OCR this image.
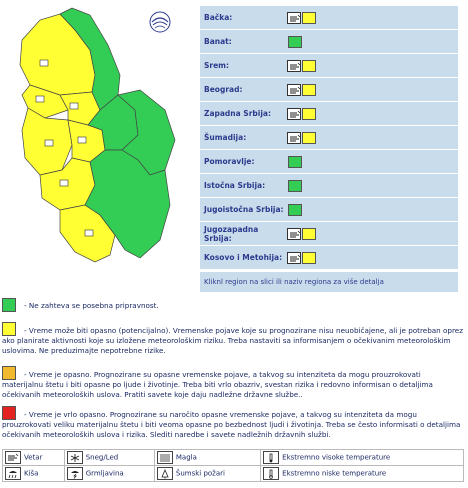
Bačka:	

Banat:	
Srem:	

Beograd:	

Zapadna Srbija:	

Šumadija:	

Pomoravlje:	
Istočna Srbija:	
Jugoistočna Srbija:	
Jugozapadna Srbija:	

Kosovo i Metohija:	
Kliknl region na slici ili naziv regiona za više detalja
- Ne zahteva se posebna pripravnost.
- Vreme može biti opasno (potencijalno). Vremenske pojave koje su prognozirane nisu neuobičajene, ali je potreban oprez ako planirate aktivnosti koje su izložene meteorološkim riziku. Treba nastaviti sa informisanjem o očekivanim meteorološkim uslovima. Ne preduzimajte nepotrebne rizike.
- Vreme je opasno. Prognozirane su opasne vremenske pojave, a takvog su intenziteta da mogu prouzrokovati materijalnu štetu i biti opasne po ljude i životinje. Treba biti vrlo obazriv, svestan rizika i redovno informisan o detaljima očekivanih meteoroloških uslova. Pratiti savete koje daju nadležne državne službe..
- Vreme je vrlo opasno. Prognozirane su naročito opasne vremenske pojave, a takvog su intenziteta da mogu prouzrokovati veliku materijalnu štetu i biti veoma opasne po bezbednost ljudi i životinja. Treba se često informisati o detaljima očekivanih meteoroloških uslova i rizika. Slediti naredbe i savete nadležnih državnih službi.
Vetar	Sneg/Led	Magla	Ekstremno visoke temperature

Kiša	Grmljavina	Šumski požari	Ekstremno niske temperature
